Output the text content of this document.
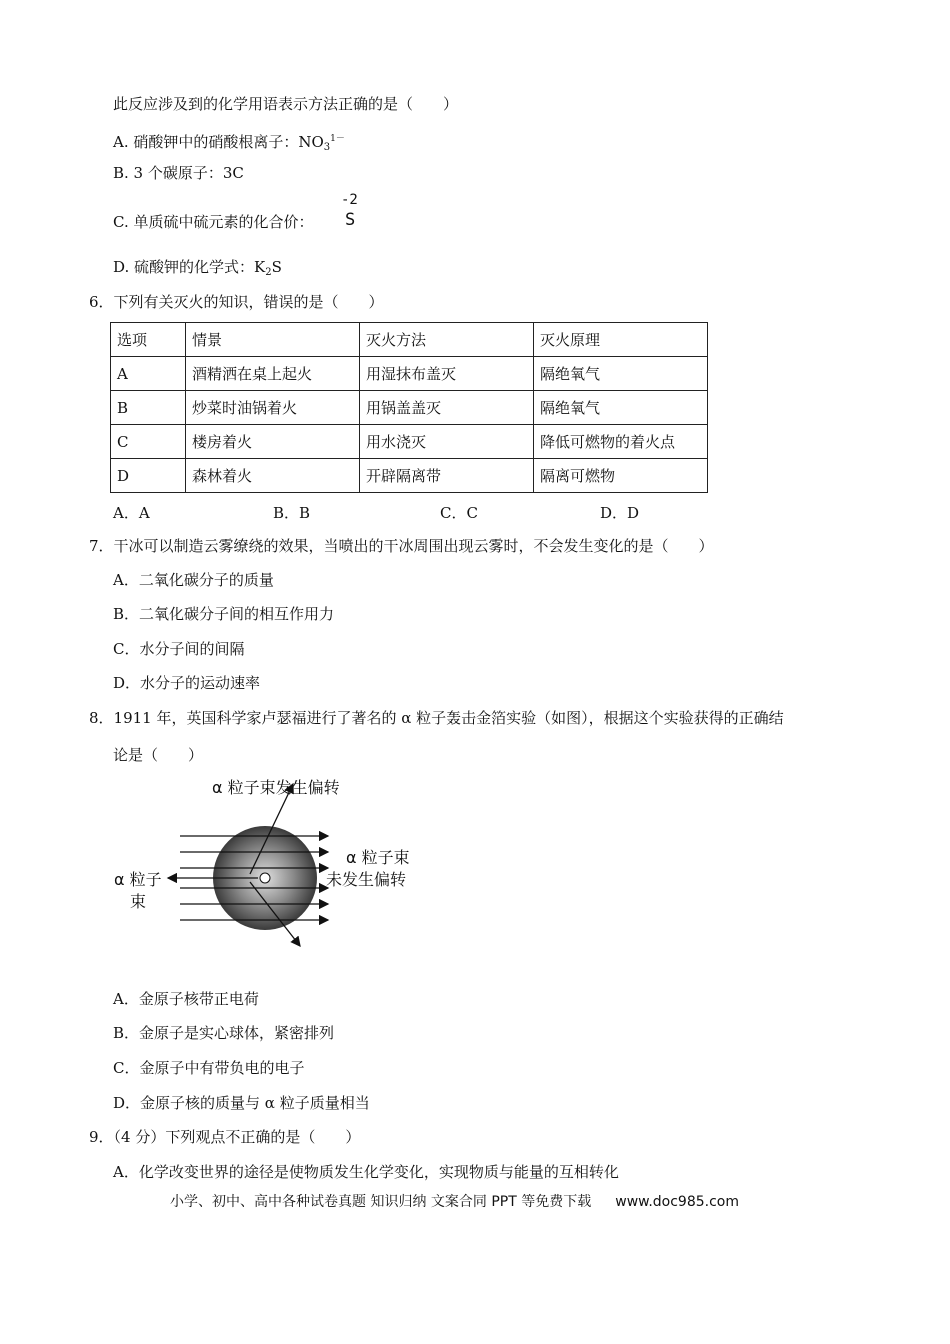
此反应涉及到的化学用语表示方法正确的是（　　）
A. 硝酸钾中的硝酸根离子：$NO_3^{1-}$
B. 3 个碳原子：3C
C. 单质硫中硫元素的化合价：
-2
S
D. 硫酸钾的化学式：$K_2S$
6．下列有关灭火的知识，错误的是（　　）
选项	情景	灭火方法	灭火原理
A	酒精洒在桌上起火	用湿抹布盖灭	隔绝氧气
B	炒菜时油锅着火	用锅盖盖灭	隔绝氧气
C	楼房着火	用水浇灭	降低可燃物的着火点
D	森林着火	开辟隔离带	隔离可燃物
A．A	B．B	C．C	D．D
7．干冰可以制造云雾缭绕的效果，当喷出的干冰周围出现云雾时，不会发生变化的是（　　）
A．二氧化碳分子的质量
B．二氧化碳分子间的相互作用力
C．水分子间的间隔
D．水分子的运动速率
8．1911 年，英国科学家卢瑟福进行了著名的 α 粒子轰击金箔实验（如图），根据这个实验获得的正确结
论是（　　）
α 粒子束发生偏转
α 粒子束
未发生偏转
α 粒子
束
A．金原子核带正电荷
B．金原子是实心球体，紧密排列
C．金原子中有带负电的电子
D．金原子核的质量与 α 粒子质量相当
9．（4 分）下列观点不正确的是（　　）
A．化学改变世界的途径是使物质发生化学变化，实现物质与能量的互相转化
小学、初中、高中各种试卷真题 知识归纳 文案合同 PPT 等免费下载 www.doc985.com
